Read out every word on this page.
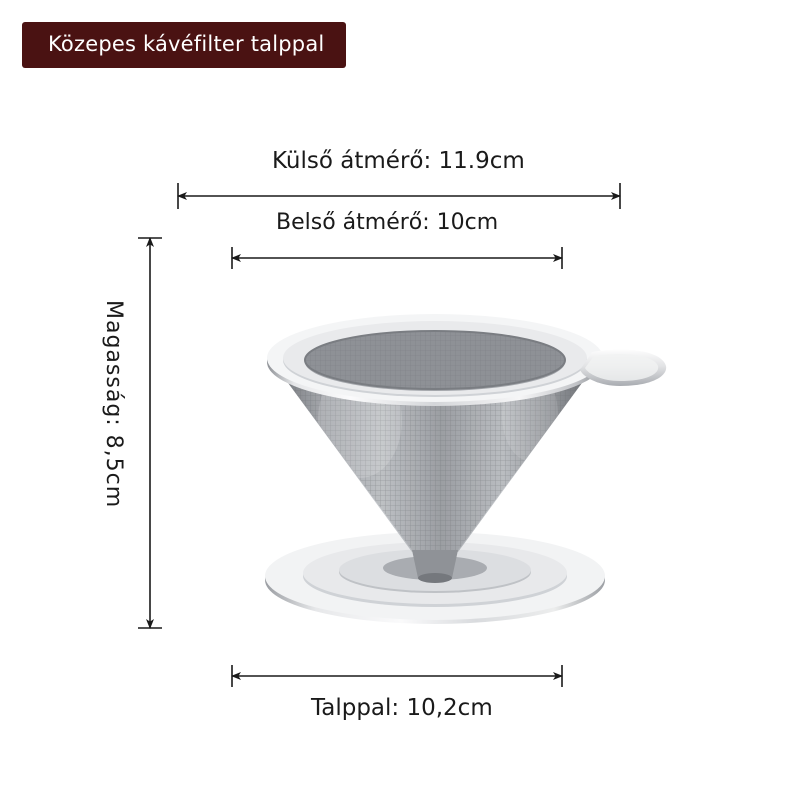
Közepes kávéfilter talppal
Külső átmérő: 11.9cm
Belső átmérő: 10cm
Magasság: 8,5cm
Talppal: 10,2cm
